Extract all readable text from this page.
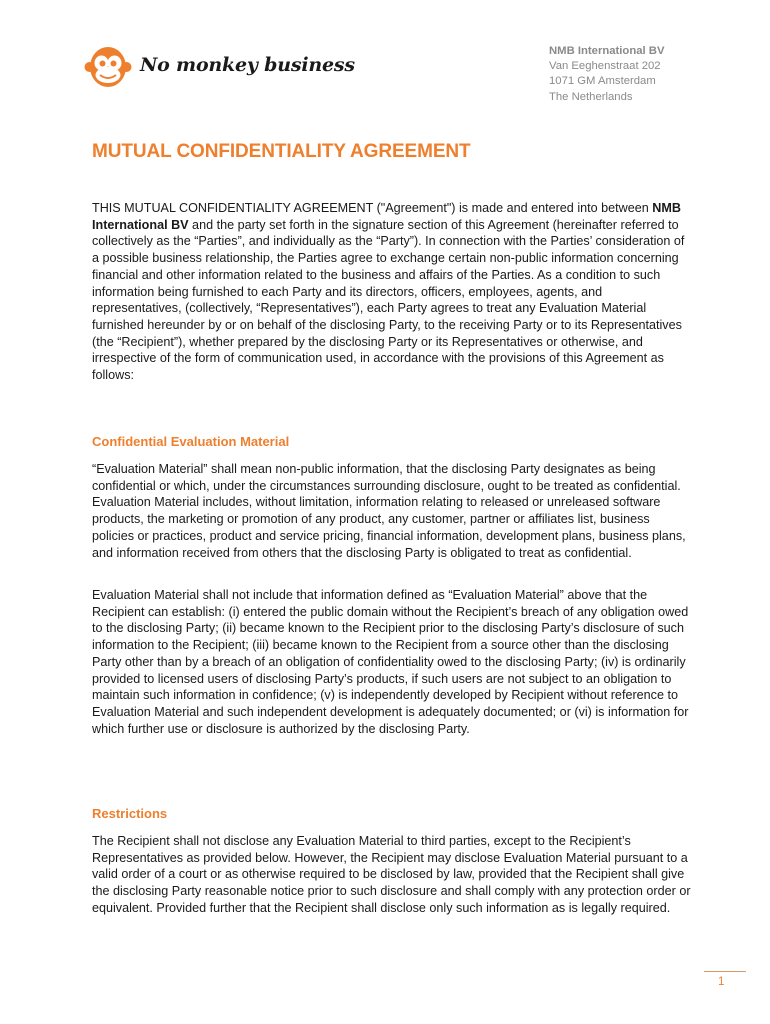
No monkey business
NMB International BV
Van Eeghenstraat 202
1071 GM Amsterdam
The Netherlands
MUTUAL CONFIDENTIALITY AGREEMENT

THIS MUTUAL CONFIDENTIALITY AGREEMENT ("Agreement") is made and entered into between NMB International BV and the party set forth in the signature section of this Agreement (hereinafter referred to collectively as the “Parties”, and individually as the “Party”). In connection with the Parties’ consideration of a possible business relationship, the Parties agree to exchange certain non-public information concerning financial and other information related to the business and affairs of the Parties. As a condition to such information being furnished to each Party and its directors, officers, employees, agents, and representatives, (collectively, “Representatives”), each Party agrees to treat any Evaluation Material furnished hereunder by or on behalf of the disclosing Party, to the receiving Party or to its Representatives (the “Recipient”), whether prepared by the disclosing Party or its Representatives or otherwise, and irrespective of the form of communication used, in accordance with the provisions of this Agreement as follows:

Confidential Evaluation Material

“Evaluation Material” shall mean non-public information, that the disclosing Party designates as being confidential or which, under the circumstances surrounding disclosure, ought to be treated as confidential. Evaluation Material includes, without limitation, information relating to released or unreleased software products, the marketing or promotion of any product, any customer, partner or affiliates list, business policies or practices, product and service pricing, financial information, development plans, business plans, and information received from others that the disclosing Party is obligated to treat as confidential.

Evaluation Material shall not include that information defined as “Evaluation Material” above that the Recipient can establish: (i) entered the public domain without the Recipient’s breach of any obligation owed to the disclosing Party; (ii) became known to the Recipient prior to the disclosing Party’s disclosure of such information to the Recipient; (iii) became known to the Recipient from a source other than the disclosing Party other than by a breach of an obligation of confidentiality owed to the disclosing Party; (iv) is ordinarily provided to licensed users of disclosing Party’s products, if such users are not subject to an obligation to maintain such information in confidence; (v) is independently developed by Recipient without reference to Evaluation Material and such independent development is adequately documented; or (vi) is information for which further use or disclosure is authorized by the disclosing Party.

Restrictions

The Recipient shall not disclose any Evaluation Material to third parties, except to the Recipient’s Representatives as provided below. However, the Recipient may disclose Evaluation Material pursuant to a valid order of a court or as otherwise required to be disclosed by law, provided that the Recipient shall give the disclosing Party reasonable notice prior to such disclosure and shall comply with any protection order or equivalent. Provided further that the Recipient shall disclose only such information as is legally required.

1
